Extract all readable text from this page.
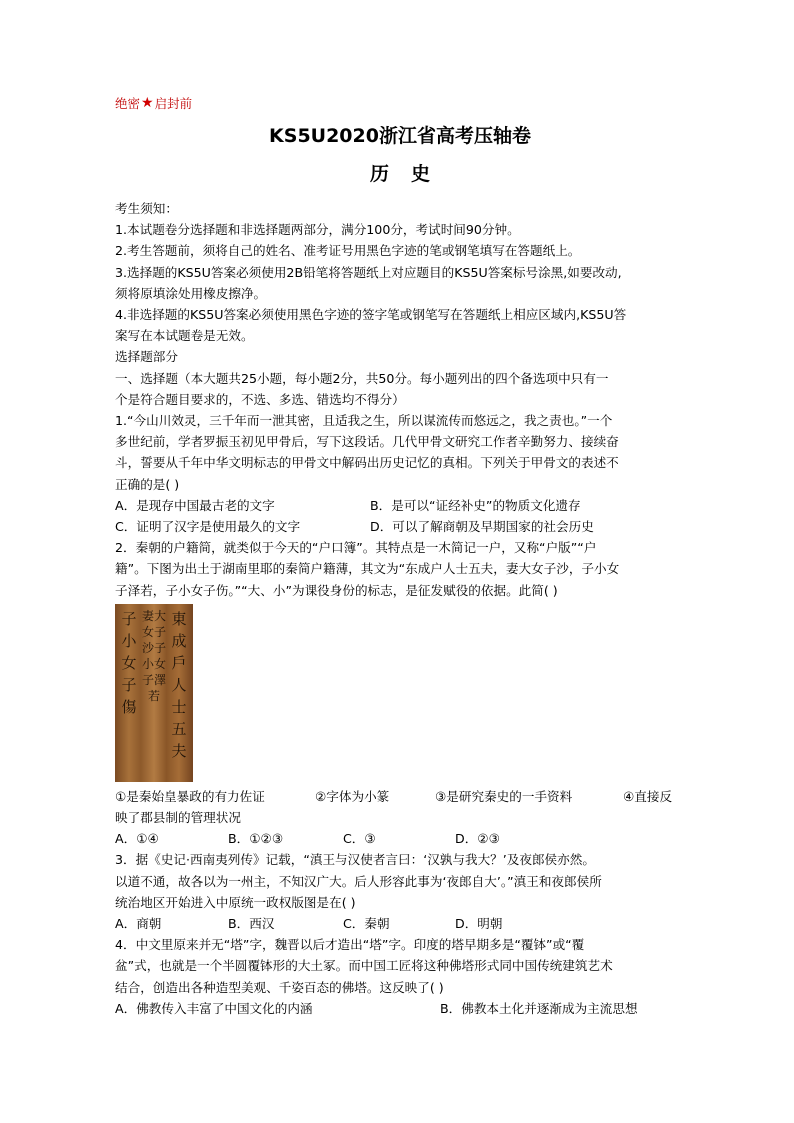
绝密 ★ 启封前
KS5U2020浙江省高考压轴卷
历史
考生须知：
1.本试题卷分选择题和非选择题两部分，满分100分，考试时间90分钟。
2.考生答题前，须将自己的姓名、准考证号用黑色字迹的笔或钢笔填写在答题纸上。
3.选择题的KS5U答案必须使用2B铅笔将答题纸上对应题目的KS5U答案标号涂黑,如要改动,
须将原填涂处用橡皮擦净。
4.非选择题的KS5U答案必须使用黑色字迹的签字笔或钢笔写在答题纸上相应区域内,KS5U答
案写在本试题卷是无效。
选择题部分
一、选择题（本大题共25小题，每小题2分，共50分。每小题列出的四个备选项中只有一
个是符合题目要求的，不选、多选、错选均不得分）
1.“今山川效灵，三千年而一泄其密，且适我之生，所以谋流传而悠远之，我之责也。”一个
多世纪前，学者罗振玉初见甲骨后，写下这段话。几代甲骨文研究工作者辛勤努力、接续奋
斗，誓要从千年中华文明标志的甲骨文中解码出历史记忆的真相。下列关于甲骨文的表述不
正确的是( )
A．是现存中国最古老的文字	B．是可以“证经补史”的物质文化遗存
C．证明了汉字是使用最久的文字	D．可以了解商朝及早期国家的社会历史
2．秦朝的户籍简，就类似于今天的“户口簿”。其特点是一木简记一户，又称“户版”“户
籍”。下图为出土于湖南里耶的秦简户籍薄，其文为“东成户人士五夫，妻大女子沙，子小女
子泽若，子小女子伤。”“大、小”为课役身份的标志，是征发赋役的依据。此简( )
子小女子傷
妻大女子沙子小女子澤若
東成戶人士五夫
①是秦始皇暴政的有力佐证	②字体为小篆	③是研究秦史的一手资料	④直接反
映了郡县制的管理状况
A．①④	B．①②③	C．③	D．②③
3．据《史记·西南夷列传》记载，“滇王与汉使者言曰：‘汉孰与我大？’及夜郎侯亦然。
以道不通，故各以为一州主，不知汉广大。后人形容此事为‘夜郎自大’。”滇王和夜郎侯所
统治地区开始进入中原统一政权版图是在( )
A．商朝	B．西汉	C．秦朝	D．明朝
4．中文里原来并无“塔”字，魏晋以后才造出“塔”字。印度的塔早期多是“覆钵”或“覆
盆”式，也就是一个半圆覆钵形的大土冢。而中国工匠将这种佛塔形式同中国传统建筑艺术
结合，创造出各种造型美观、千姿百态的佛塔。这反映了( )
A．佛教传入丰富了中国文化的内涵	B．佛教本土化并逐渐成为主流思想
